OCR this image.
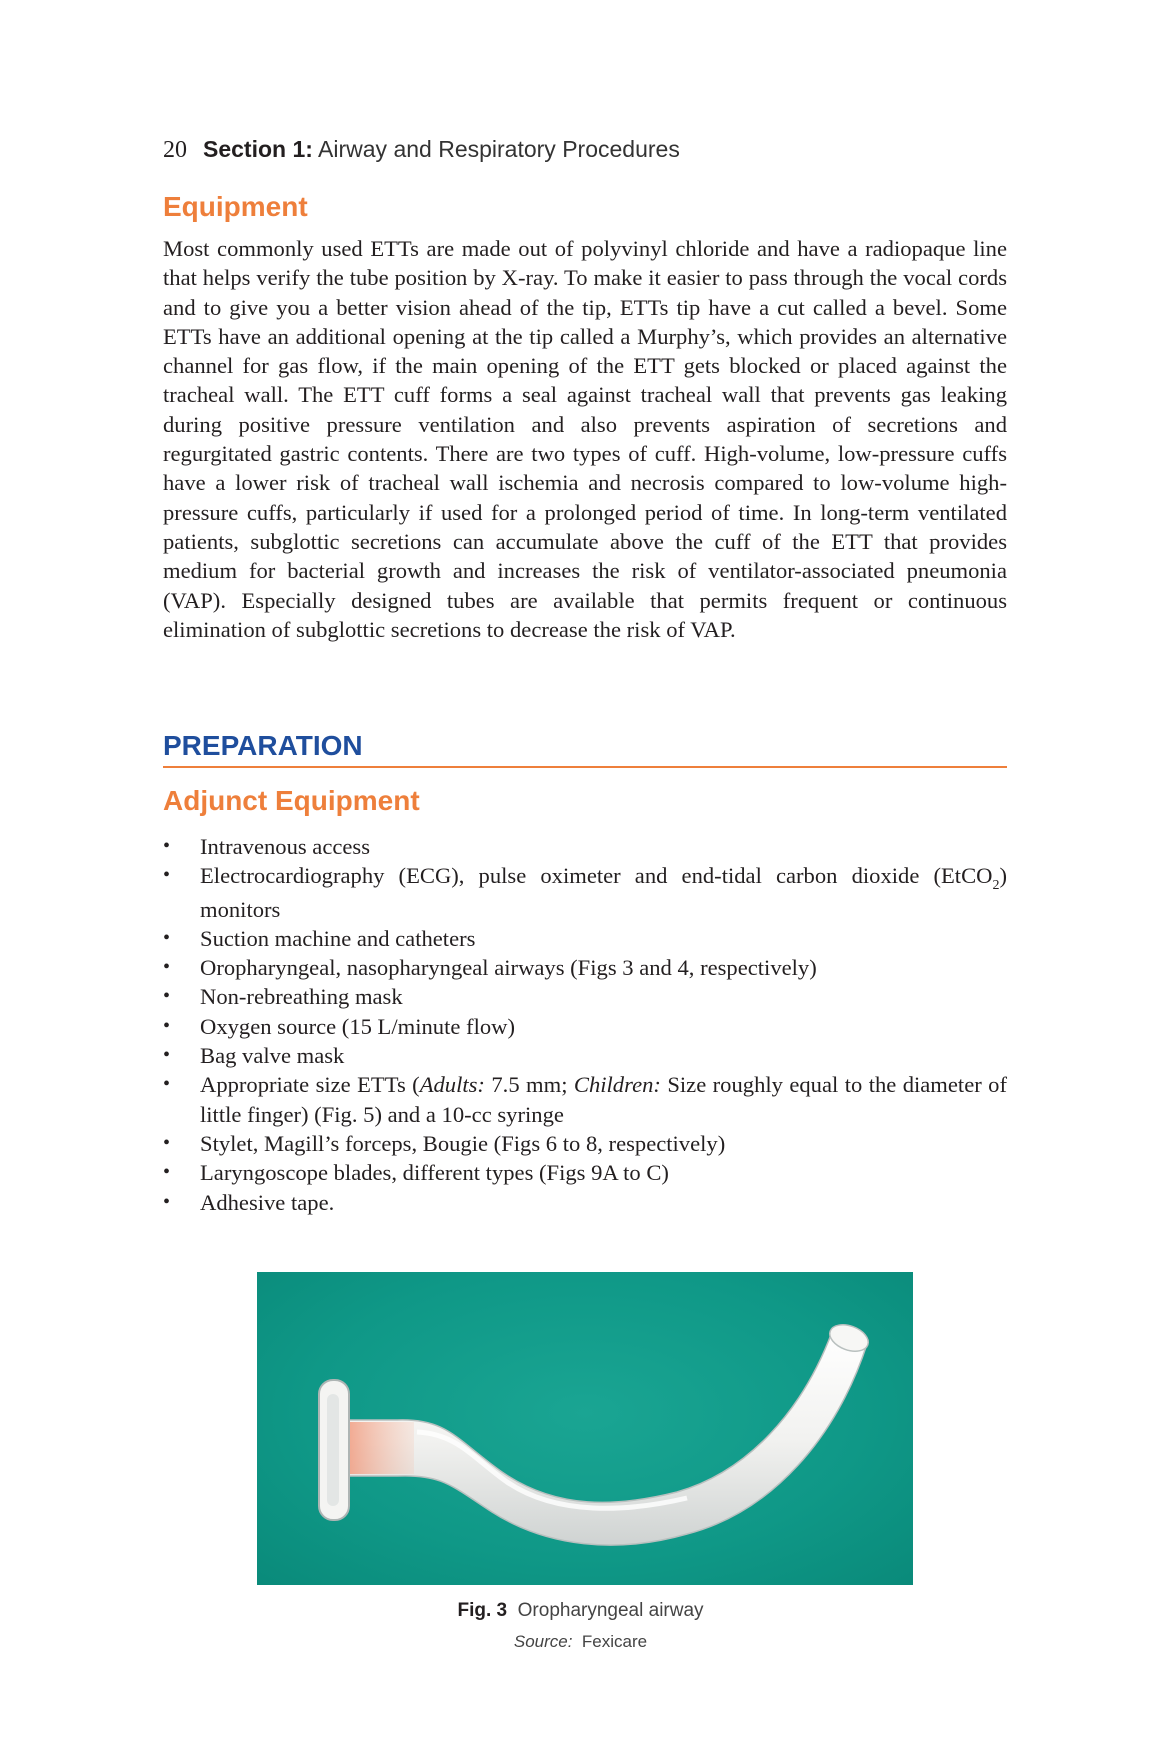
20 Section 1: Airway and Respiratory Procedures
Equipment

Most commonly used ETTs are made out of polyvinyl chloride and have a radiopaque line that helps verify the tube position by X-ray. To make it easier to pass through the vocal cords and to give you a better vision ahead of the tip, ETTs tip have a cut called a bevel. Some ETTs have an additional opening at the tip called a Murphy’s, which provides an alternative channel for gas flow, if the main opening of the ETT gets blocked or placed against the tracheal wall. The ETT cuff forms a seal against tracheal wall that prevents gas leaking during positive pressure ventilation and also prevents aspiration of secretions and regurgitated gastric contents. There are two types of cuff. High-volume, low-pressure cuffs have a lower risk of tracheal wall ischemia and necrosis compared to low-volume high-pressure cuffs, particularly if used for a prolonged period of time. In long-term ventilated patients, subglottic secretions can accumulate above the cuff of the ETT that provides medium for bacterial growth and increases the risk of ventilator-associated pneumonia (VAP). Especially designed tubes are available that permits frequent or continuous elimination of subglottic secretions to decrease the risk of VAP.

PREPARATION
Adjunct Equipment
• Intravenous access
• Electrocardiography (ECG), pulse oximeter and end-tidal carbon dioxide (EtCO$_2$) monitors
• Suction machine and catheters
• Oropharyngeal, nasopharyngeal airways (Figs 3 and 4, respectively)
• Non-rebreathing mask
• Oxygen source (15 L/minute flow)
• Bag valve mask
• Appropriate size ETTs (Adults: 7.5 mm; Children: Size roughly equal to the diameter of little finger) (Fig. 5) and a 10-cc syringe
• Stylet, Magill’s forceps, Bougie (Figs 6 to 8, respectively)
• Laryngoscope blades, different types (Figs 9A to C)
• Adhesive tape.
Fig. 3 Oropharyngeal airway
Source: Fexicare
